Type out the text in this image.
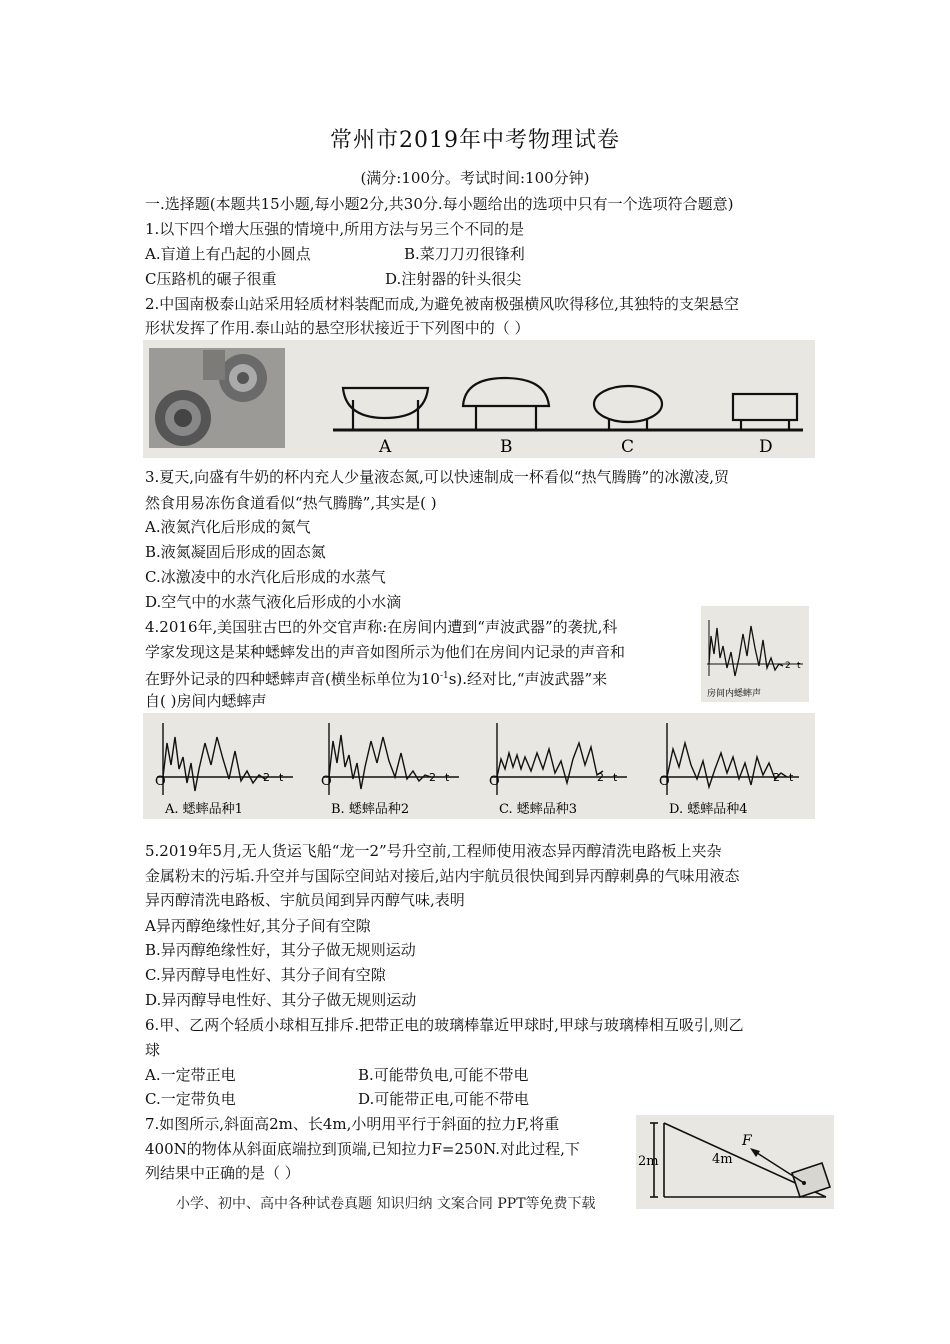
常州市2019年中考物理试卷
(满分:100分。考试时间:100分钟)
一.选择题(本题共15小题,每小题2分,共30分.每小题给出的选项中只有一个选项符合题意)
1.以下四个增大压强的情境中,所用方法与另三个不同的是
A.盲道上有凸起的小圆点	B.菜刀刀刃很锋利
C压路机的碾子很重	D.注射器的针头很尖
2.中国南极泰山站采用轻质材料装配而成,为避免被南极强横风吹得移位,其独特的支架悬空
形状发挥了作用.泰山站的悬空形状接近于下列图中的（ ）
A	B	C	D
3.夏天,向盛有牛奶的杯内充人少量液态氮,可以快速制成一杯看似“热气腾腾”的冰激凌,贸
然食用易冻伤食道看似“热气腾腾”,其实是( )
A.液氮汽化后形成的氮气
B.液氮凝固后形成的固态氮
C.冰激凌中的水汽化后形成的水蒸气
D.空气中的水蒸气液化后形成的小水滴
4.2016年,美国驻古巴的外交官声称:在房间内遭到“声波武器”的袭扰,科
学家发现这是某种蟋蟀发出的声音如图所示为他们在房间内记录的声音和
在野外记录的四种蟋蟀声音(横坐标单位为$10^{-1}s$).经对比,“声波武器”来
自( )房间内蟋蟀声
2 t
房间内蟋蟀声
2 t
O
A. 蟋蟀品种1
2 t
O
B. 蟋蟀品种2
2 t
O
C. 蟋蟀品种3
2 t
O
D. 蟋蟀品种4
5.2019年5月,无人货运飞船“龙一2”号升空前,工程师使用液态异丙醇清洗电路板上夹杂
金属粉末的污垢.升空并与国际空间站对接后,站内宇航员很快闻到异丙醇刺鼻的气味用液态
异丙醇清洗电路板、宇航员闻到异丙醇气味,表明
A异丙醇绝缘性好,其分子间有空隙
B.异丙醇绝缘性好，其分子做无规则运动
C.异丙醇导电性好、其分子间有空隙
D.异丙醇导电性好、其分子做无规则运动
6.甲、乙两个轻质小球相互排斥.把带正电的玻璃棒靠近甲球时,甲球与玻璃棒相互吸引,则乙
球
A.一定带正电	B.可能带负电,可能不带电
C.一定带负电	D.可能带正电,可能不带电
7.如图所示,斜面高2m、长4m,小明用平行于斜面的拉力F,将重
400N的物体从斜面底端拉到顶端,已知拉力F=250N.对此过程,下
列结果中正确的是（ ）
2m	4m
F
小学、初中、高中各种试卷真题 知识归纳 文案合同 PPT等免费下载
